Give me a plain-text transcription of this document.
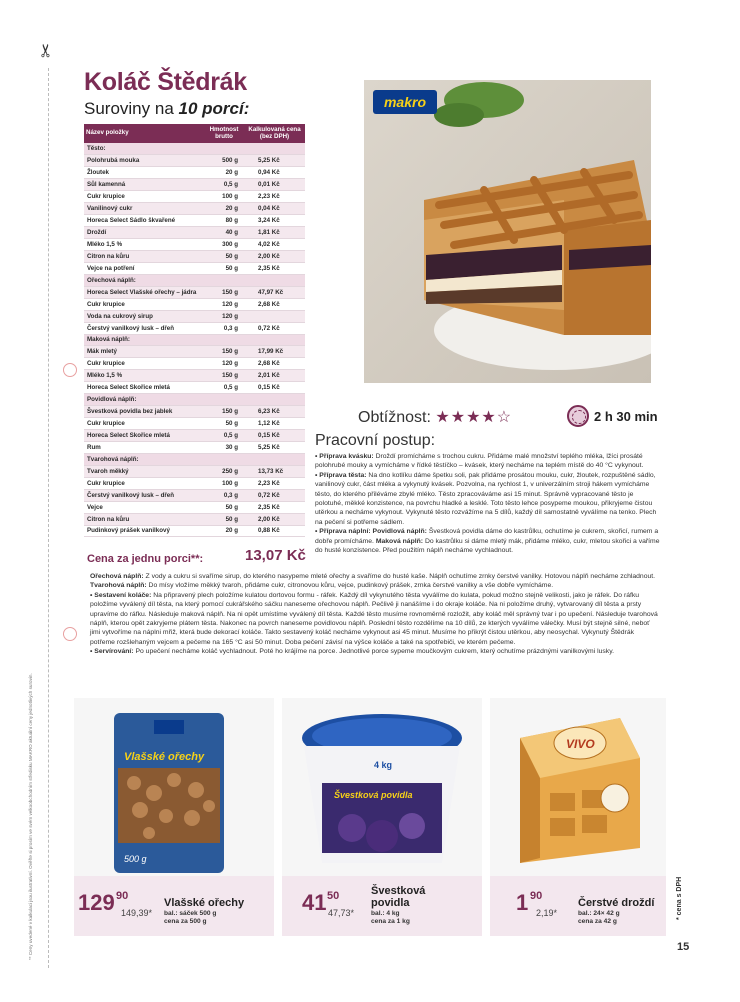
✂
** Ceny uvedené v kalkulaci jsou ilustrativní. Ověřte si prosím ve svém velkoobchodním středisku MAKRO aktuální ceny jednotlivých surovin.
Koláč Štědrák
Suroviny na 10 porcí:
Název položky	Hmotnost brutto	Kalkulovaná cena (bez DPH)
Těsto:		
Polohrubá mouka	500 g	5,25 Kč
Žloutek	20 g	0,94 Kč
Sůl kamenná	0,5 g	0,01 Kč
Cukr krupice	100 g	2,23 Kč
Vanilinový cukr	20 g	0,04 Kč
Horeca Select Sádlo škvařené	80 g	3,24 Kč
Droždí	40 g	1,81 Kč
Mléko 1,5 %	300 g	4,02 Kč
Citron na kůru	50 g	2,00 Kč
Vejce na potření	50 g	2,35 Kč
Ořechová náplň:		
Horeca Select Vlašské ořechy – jádra	150 g	47,97 Kč
Cukr krupice	120 g	2,68 Kč
Voda na cukrový sirup	120 g	
Čerstvý vanilkový lusk – dřeň	0,3 g	0,72 Kč
Maková náplň:		
Mák mletý	150 g	17,99 Kč
Cukr krupice	120 g	2,68 Kč
Mléko 1,5 %	150 g	2,01 Kč
Horeca Select Skořice mletá	0,5 g	0,15 Kč
Povidlová náplň:		
Švestková povidla bez jablek	150 g	6,23 Kč
Cukr krupice	50 g	1,12 Kč
Horeca Select Skořice mletá	0,5 g	0,15 Kč
Rum	30 g	5,25 Kč
Tvarohová náplň:		
Tvaroh měkký	250 g	13,73 Kč
Cukr krupice	100 g	2,23 Kč
Čerstvý vanilkový lusk – dřeň	0,3 g	0,72 Kč
Vejce	50 g	2,35 Kč
Citron na kůru	50 g	2,00 Kč
Pudinkový prášek vanilkový	20 g	0,88 Kč
Cena za jednu porci**:	13,07 Kč
makro
Obtížnost: ★★★★☆	2 h 30 min
Pracovní postup:

• Příprava kvásku: Droždí promícháme s trochou cukru. Přidáme malé množství teplého mléka, lžíci prosáté polohrubé mouky a vymícháme v řídké těstíčko – kvásek, který necháme na teplém místě do 40 °C vykynout.

• Příprava těsta: Na dno kotlíku dáme špetku soli, pak přidáme prosátou mouku, cukr, žloutek, rozpuštěné sádlo, vanilinový cukr, část mléka a vykynutý kvásek. Pozvolna, na rychlost 1, v univerzálním stroji hákem vymícháme těsto, do kterého přiléváme zbylé mléko. Těsto zpracováváme asi 15 minut. Správně vypracované těsto je polotuhé, měkké konzistence, na povrchu hladké a lesklé. Toto těsto lehce posypeme moukou, přikryjeme čistou utěrkou a necháme vykynout. Vykynuté těsto rozvážíme na 5 dílů, každý díl samostatně vyválíme na tenko. Plech na pečení si potřeme sádlem.

• Příprava náplní: Povidlová náplň: Švestková povidla dáme do kastrůlku, ochutíme je cukrem, skořicí, rumem a dobře promícháme. Maková náplň: Do kastrůlku si dáme mletý mák, přidáme mléko, cukr, mletou skořici a vaříme do husté konzistence. Před použitím náplň necháme vychladnout.

Ořechová náplň: Z vody a cukru si svaříme sirup, do kterého nasypeme mleté ořechy a svaříme do husté kaše. Náplň ochutíme zrnky čerstvé vanilky. Hotovou náplň necháme zchladnout. Tvarohová náplň: Do mísy vložíme měkký tvaroh, přidáme cukr, citronovou kůru, vejce, pudinkový prášek, zrnka čerstvé vanilky a vše dobře vymícháme.

• Sestavení koláče: Na připravený plech položíme kulatou dortovou formu - ráfek. Každý díl vykynutého těsta vyválíme do kulata, pokud možno stejně velikosti, jako je ráfek. Do ráfku položíme vyválený díl těsta, na který pomocí cukrářského sáčku naneseme ořechovou náplň. Pečlivě ji nanášíme i do okraje koláče. Na ni položíme druhý, vytvarovaný díl těsta a prsty upravíme do ráfku. Následuje maková náplň. Na ni opět umístíme vyválený díl těsta. Každé těsto musíme rovnoměrně rozložit, aby koláč měl správný tvar i po upečení. Následuje tvarohová náplň, kterou opět zakryjeme plátem těsta. Nakonec na povrch naneseme povidlovou náplň. Poslední těsto rozdělíme na 10 dílů, ze kterých vyválíme válečky. Musí být stejně silné, neboť jimi vytvoříme na náplni mřiž, která bude dekorací koláče. Takto sestavený koláč necháme vykynout asi 45 minut. Musíme ho přikrýt čistou utěrkou, aby neosychal. Vykynutý Štědrák potřeme rozšlehaným vejcem a pečeme na 165 °C asi 50 minut. Doba pečení závisí na výšce koláče a také na spotřebiči, ve kterém pečeme.

• Servírování: Po upečení necháme koláč vychladnout. Poté ho krájíme na porce. Jednotlivé porce sypeme moučkovým cukrem, který ochutíme prázdnými vanilkovými lusky.

Vlašské ořechy
500 g
129 90
149,39*
Vlašské ořechy
bal.: sáček 500 g
cena za 500 g
Švestková povidla
4 kg
41 50
47,73*
Švestková povidla
bal.: 4 kg
cena za 1 kg
VIVO
1 90
2,19*
Čerstvé droždí
bal.: 24× 42 g
cena za 42 g
* cena s DPH
15
